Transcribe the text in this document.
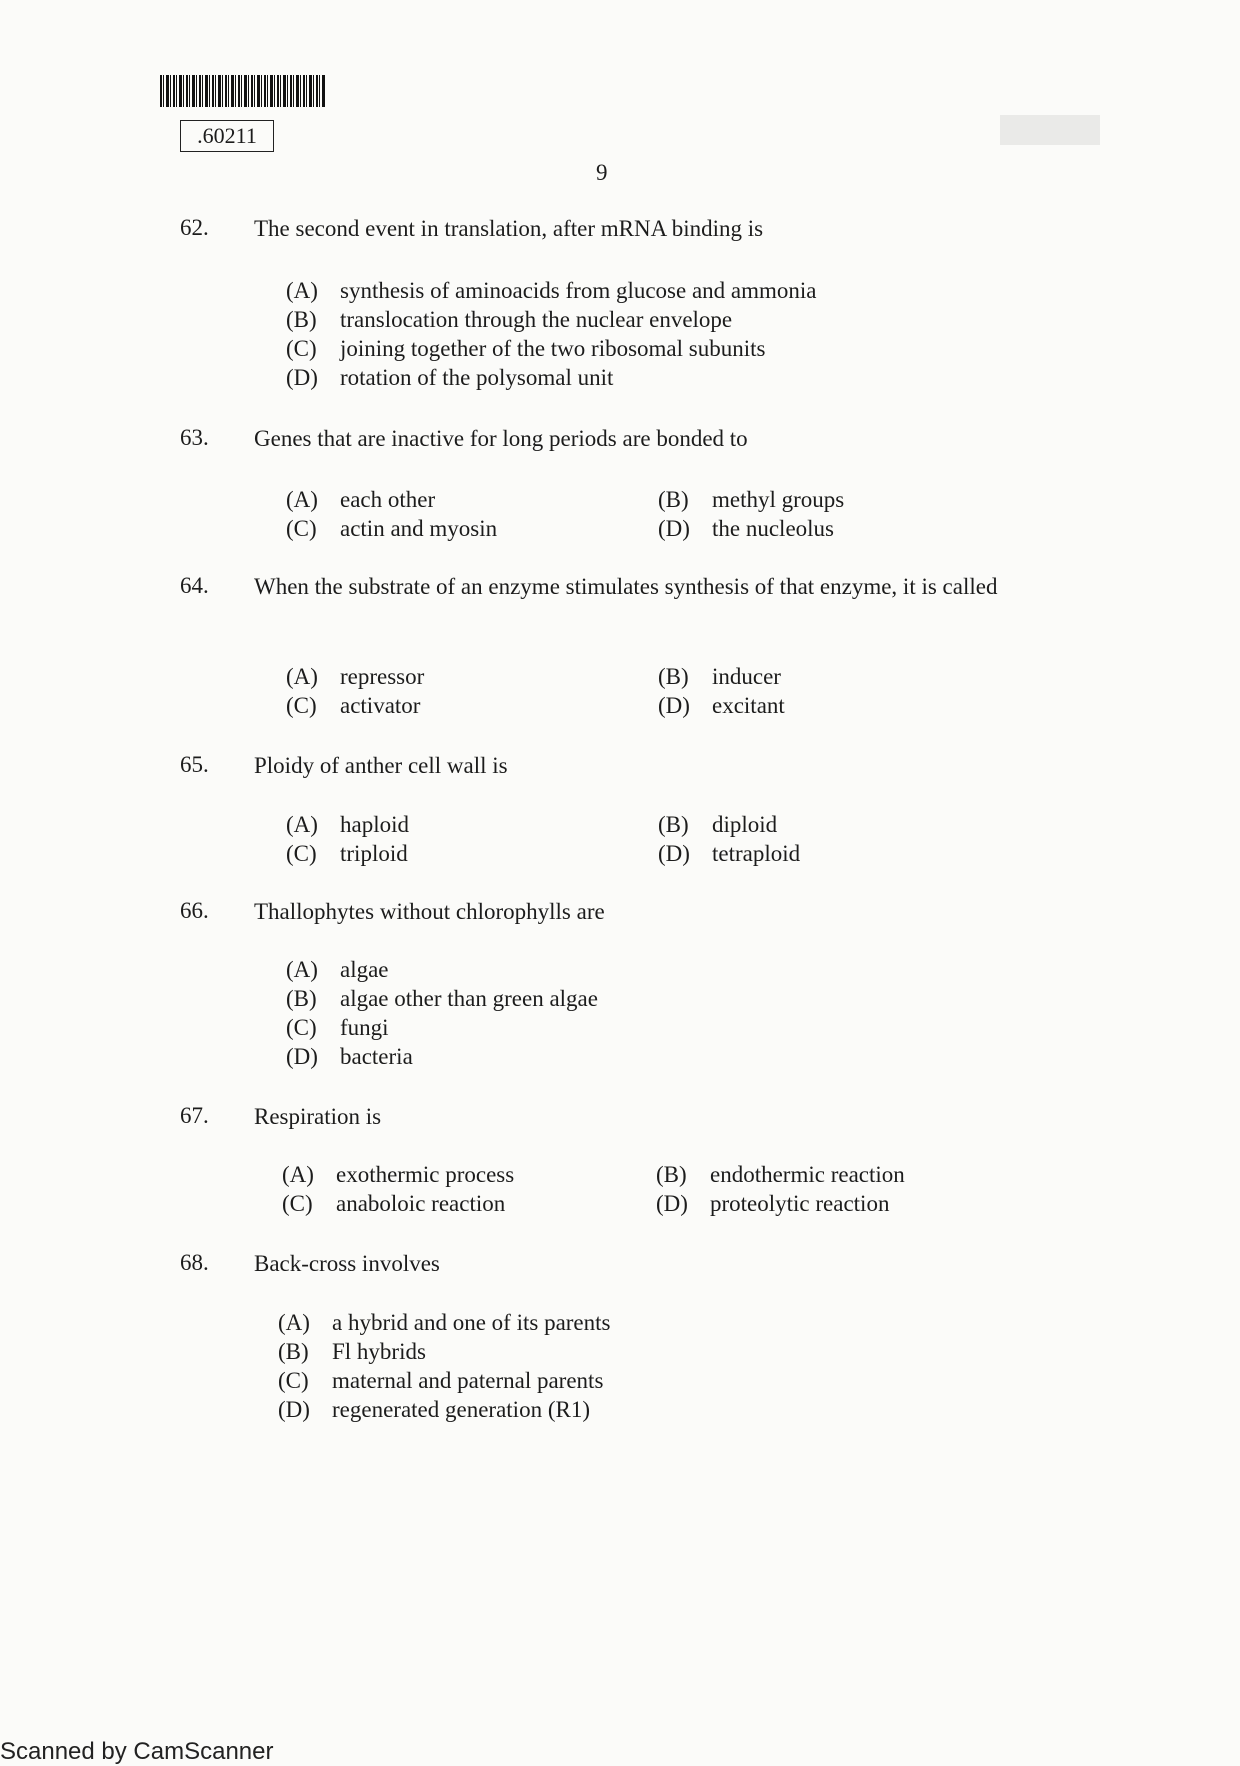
.60211
9
62. The second event in translation, after mRNA binding is
(A) synthesis of aminoacids from glucose and ammonia
(B) translocation through the nuclear envelope
(C) joining together of the two ribosomal subunits
(D) rotation of the polysomal unit
63. Genes that are inactive for long periods are bonded to
(A) each other	(B) methyl groups
(C) actin and myosin	(D) the nucleolus
64. When the substrate of an enzyme stimulates synthesis of that enzyme, it is called
(A) repressor	(B) inducer
(C) activator	(D) excitant
65. Ploidy of anther cell wall is
(A) haploid	(B) diploid
(C) triploid	(D) tetraploid
66. Thallophytes without chlorophylls are
(A) algae
(B) algae other than green algae
(C) fungi
(D) bacteria
67. Respiration is
(A) exothermic process	(B) endothermic reaction
(C) anaboloic reaction	(D) proteolytic reaction
68. Back-cross involves
(A) a hybrid and one of its parents
(B) Fl hybrids
(C) maternal and paternal parents
(D) regenerated generation (R1)
Scanned by CamScanner
